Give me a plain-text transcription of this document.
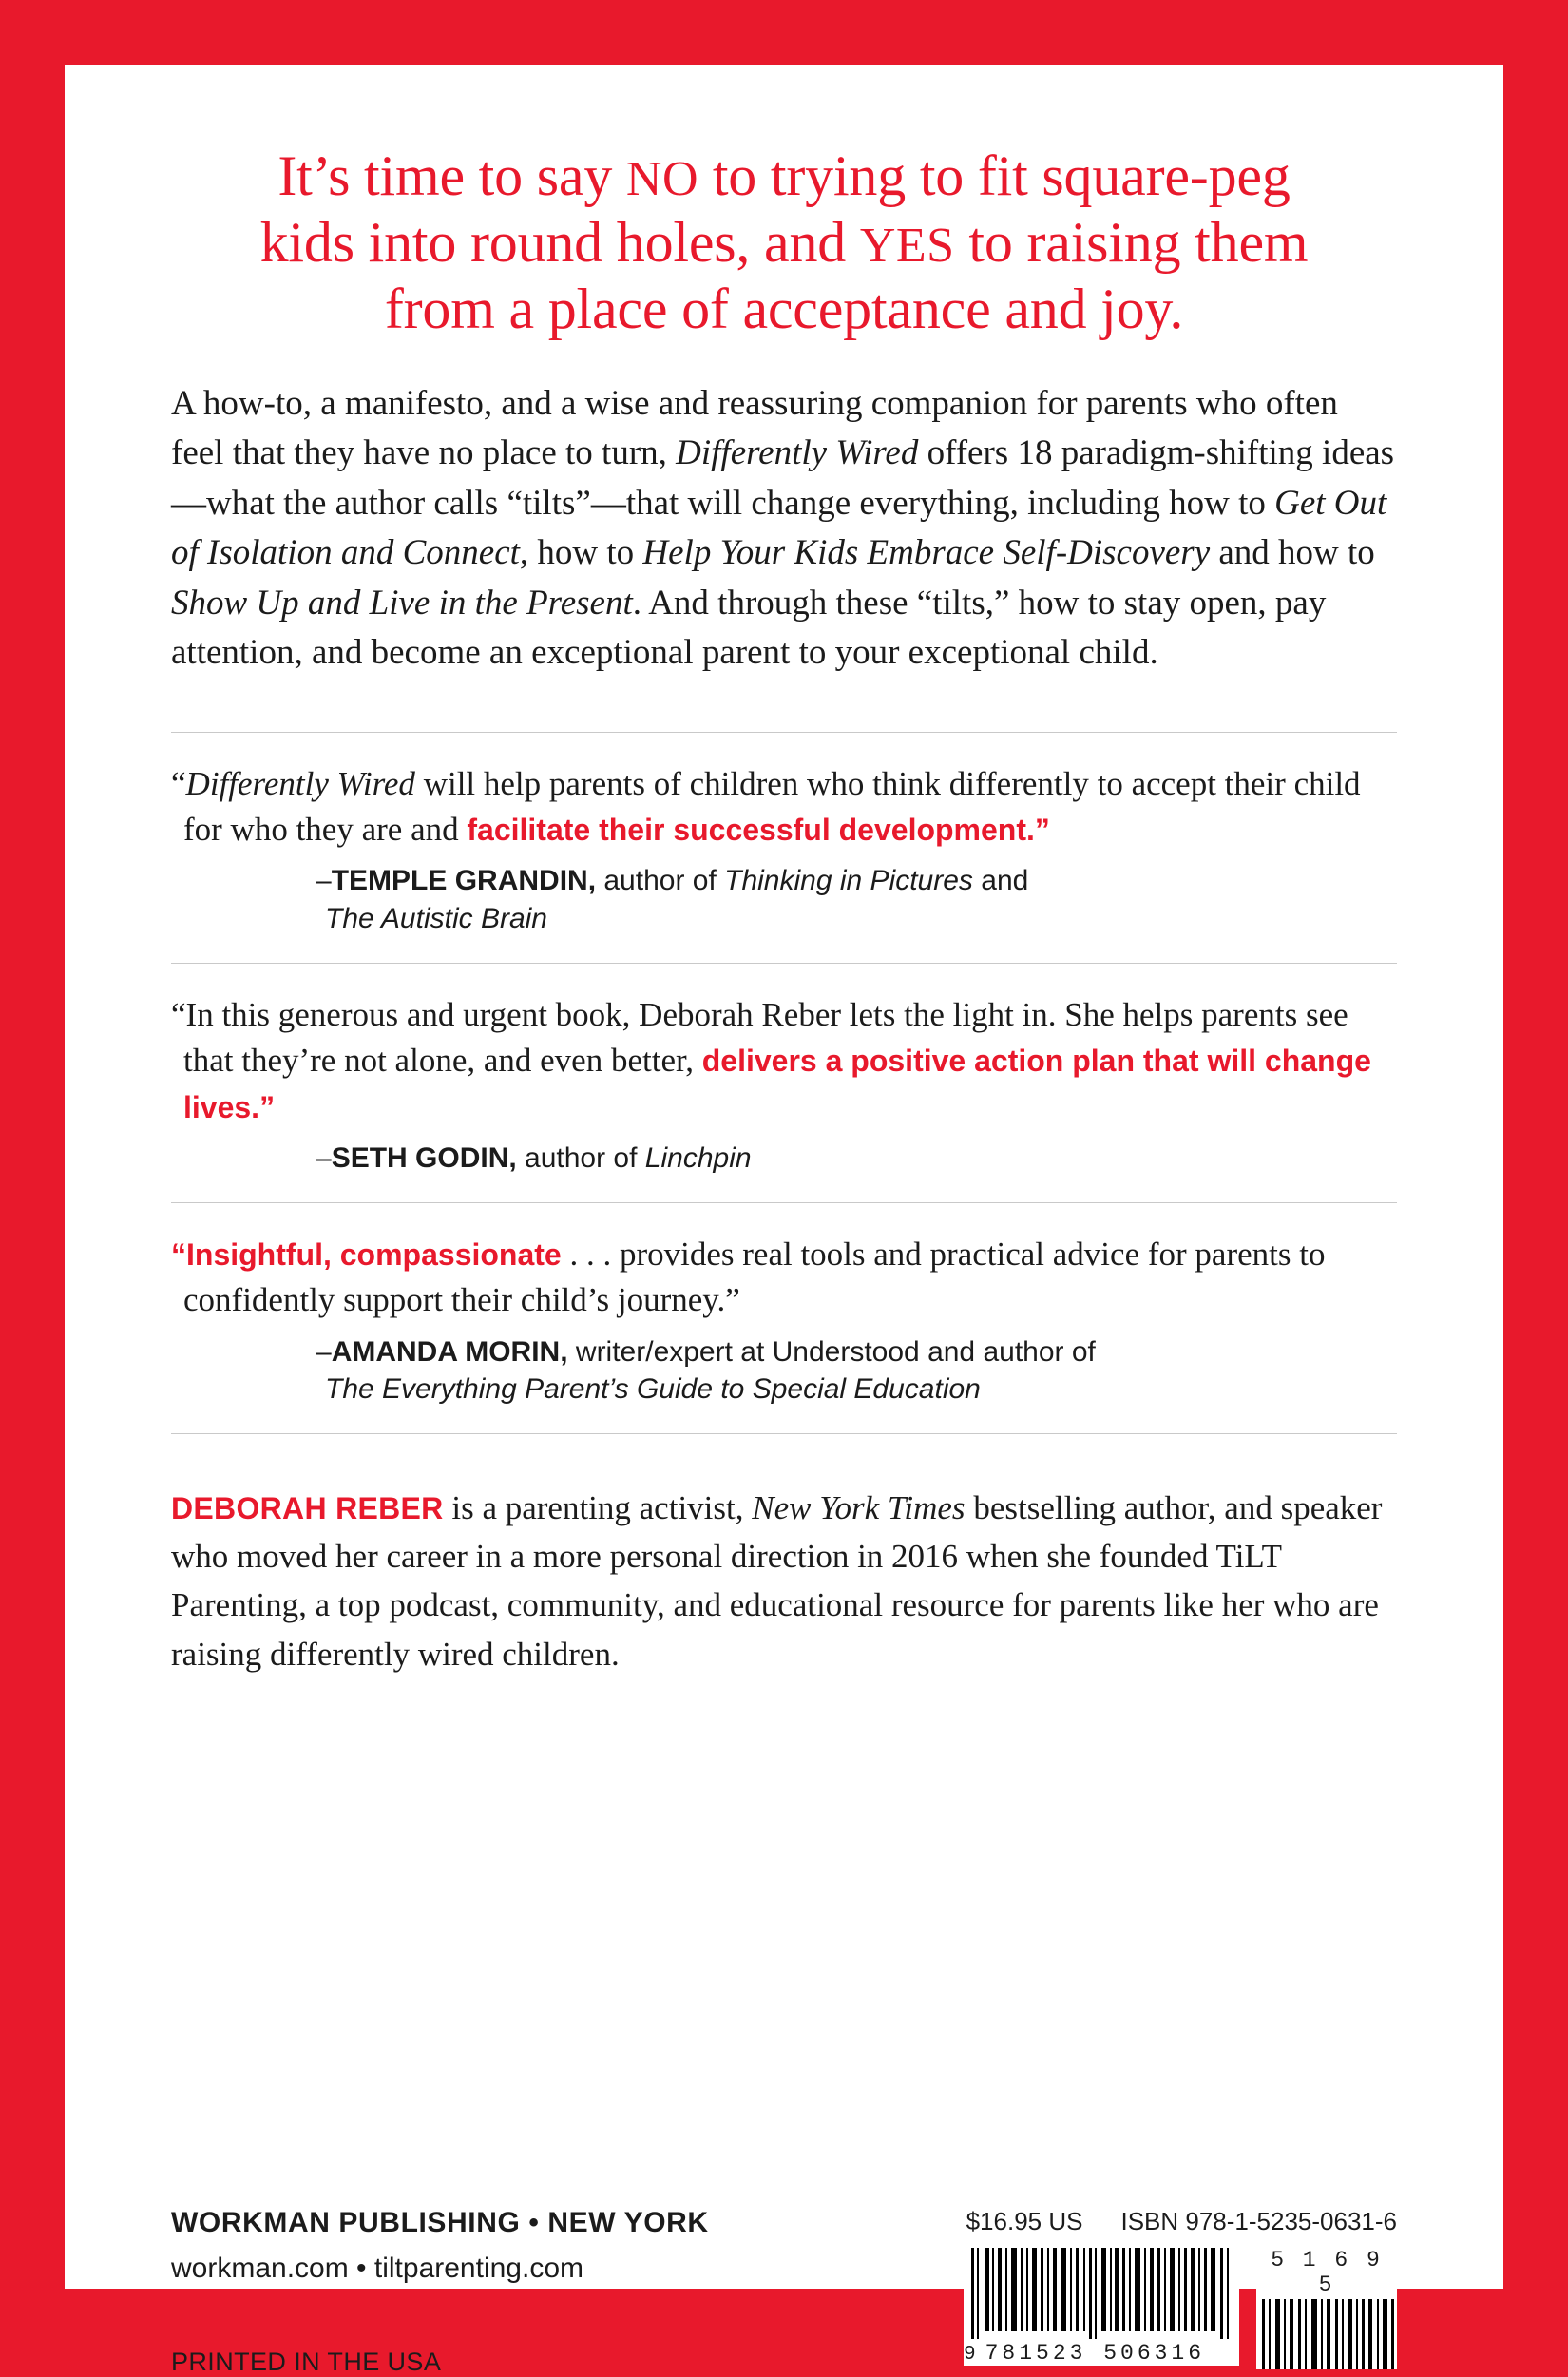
It’s time to say NO to trying to fit square-peg
kids into round holes, and YES to raising them
from a place of acceptance and joy.

A how-to, a manifesto, and a wise and reassuring companion for parents who often feel that they have no place to turn, Differently Wired offers 18 paradigm-shifting ideas—what the author calls “tilts”—that will change everything, including how to Get Out of Isolation and Connect, how to Help Your Kids Embrace Self-Discovery and how to Show Up and Live in the Present. And through these “tilts,” how to stay open, pay attention, and become an exceptional parent to your exceptional child.

“Differently Wired will help parents of children who think differently to accept their child for who they are and facilitate their successful development.”

–TEMPLE GRANDIN, author of Thinking in Pictures and
The Autistic Brain

“In this generous and urgent book, Deborah Reber lets the light in. She helps parents see that they’re not alone, and even better, delivers a positive action plan that will change lives.”

–SETH GODIN, author of Linchpin

“Insightful, compassionate . . . provides real tools and practical advice for parents to confidently support their child’s journey.”

–AMANDA MORIN, writer/expert at Understood and author of
The Everything Parent’s Guide to Special Education

DEBORAH REBER is a parenting activist, New York Times bestselling author, and speaker who moved her career in a more personal direction in 2016 when she founded TiLT Parenting, a top podcast, community, and educational resource for parents like her who are raising differently wired children.

WORKMAN PUBLISHING • NEW YORK

workman.com • tiltparenting.com

PRINTED IN THE USA

$16.95 US ISBN 978-1-5235-0631-6

9 781523 506316
5 1 6 9 5
